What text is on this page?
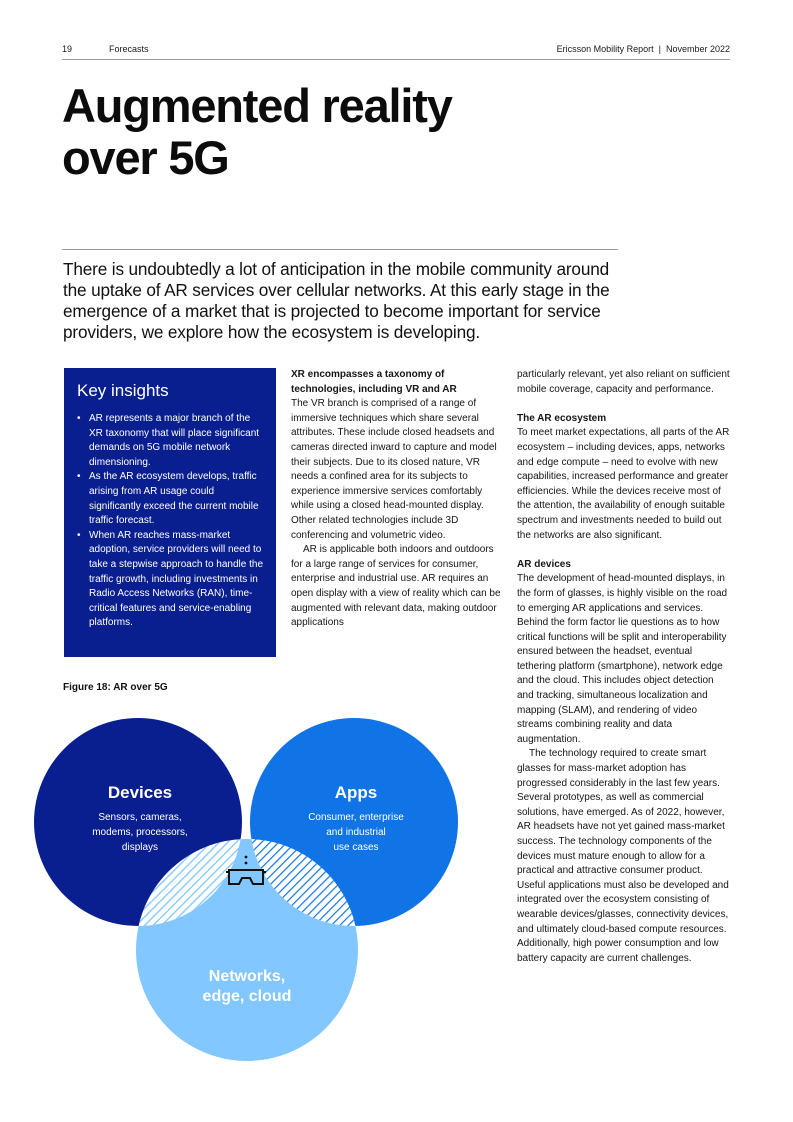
19	Forecasts	Ericsson Mobility Report  |  November 2022
Augmented reality
over 5G

There is undoubtedly a lot of anticipation in the mobile community around the uptake of AR services over cellular networks. At this early stage in the emergence of a market that is projected to become important for service providers, we explore how the ecosystem is developing.

Key insights
• AR represents a major branch of the XR taxonomy that will place significant demands on 5G mobile network dimensioning.
• As the AR ecosystem develops, traffic arising from AR usage could significantly exceed the current mobile traffic forecast.
• When AR reaches mass-market adoption, service providers will need to take a stepwise approach to handle the traffic growth, including investments in Radio Access Networks (RAN), time-critical features and service-enabling platforms.
XR encompasses a taxonomy of technologies, including VR and AR

The VR branch is comprised of a range of immersive techniques which share several attributes. These include closed headsets and cameras directed inward to capture and model their subjects. Due to its closed nature, VR needs a confined area for its subjects to experience immersive services comfortably while using a closed head-mounted display. Other related technologies include 3D conferencing and volumetric video.

AR is applicable both indoors and outdoors for a large range of services for consumer, enterprise and industrial use. AR requires an open display with a view of reality which can be augmented with relevant data, making outdoor applications

particularly relevant, yet also reliant on sufficient mobile coverage, capacity and performance.

The AR ecosystem

To meet market expectations, all parts of the AR ecosystem – including devices, apps, networks and edge compute – need to evolve with new capabilities, increased performance and greater efficiencies. While the devices receive most of the attention, the availability of enough suitable spectrum and investments needed to build out the networks are also significant.

AR devices

The development of head-mounted displays, in the form of glasses, is highly visible on the road to emerging AR applications and services. Behind the form factor lie questions as to how critical functions will be split and interoperability ensured between the headset, eventual tethering platform (smartphone), network edge and the cloud. This includes object detection and tracking, simultaneous localization and mapping (SLAM), and rendering of video streams combining reality and data augmentation.

The technology required to create smart glasses for mass-market adoption has progressed considerably in the last few years. Several prototypes, as well as commercial solutions, have emerged. As of 2022, however, AR headsets have not yet gained mass-market success. The technology components of the devices must mature enough to allow for a practical and attractive consumer product. Useful applications must also be developed and integrated over the ecosystem consisting of wearable devices/glasses, connectivity devices, and ultimately cloud-based compute resources. Additionally, high power consumption and low battery capacity are current challenges.

Figure 18: AR over 5G

Devices
Sensors, cameras,
modems, processors,
displays
Apps
Consumer, enterprise
and industrial
use cases
Networks,
edge, cloud
